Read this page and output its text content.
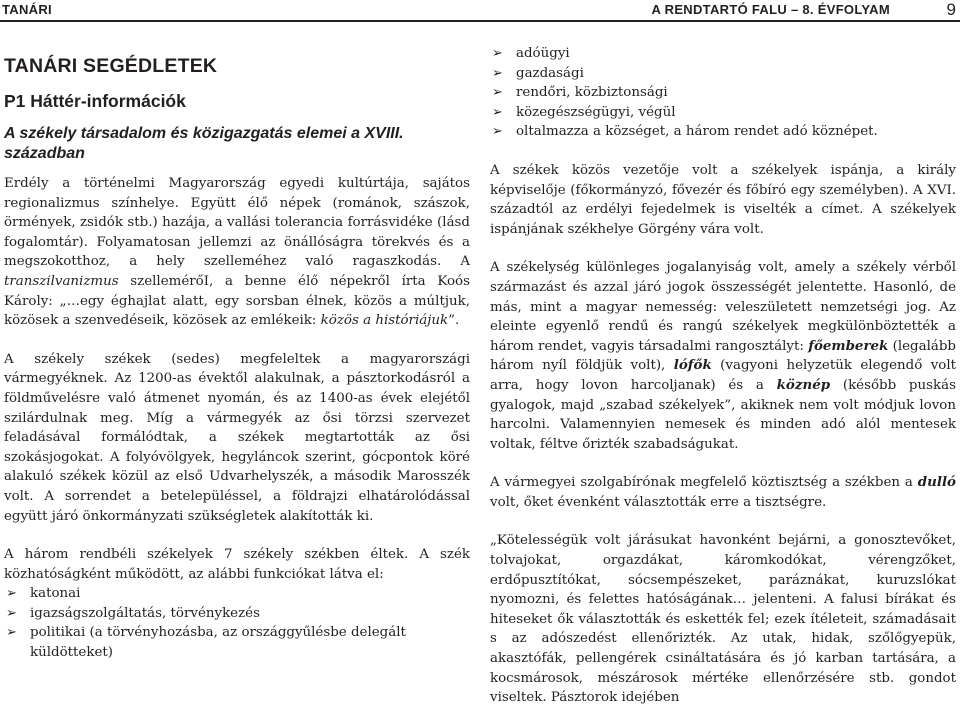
TANÁRI	A RENDTARTÓ FALU – 8. ÉVFOLYAM	9
TANÁRI SEGÉDLETEK
P1 Háttér-információk
A székely társadalom és közigazgatás elemei a XVIII. században

Erdély a történelmi Magyarország egyedi kultúrtája, sajátos regionalizmus színhelye. Együtt élő népek (románok, szászok, örmények, zsidók stb.) hazája, a vallási tolerancia forrásvidéke (lásd fogalomtár). Folyamatosan jellemzi az önállóságra törekvés és a megszokotthoz, a hely szelleméhez való ragaszkodás. A transzilvanizmus szellemérőI, a benne élő népekről írta Koós Károly: „…egy éghajlat alatt, egy sorsban élnek, közös a múltjuk, közösek a szenvedéseik, közösek az emlékeik: közös a históriájuk”.

A székely székek (sedes) megfeleltek a magyarországi vármegyéknek. Az 1200-as évektől alakulnak, a pásztorkodásról a földművelésre való átmenet nyomán, és az 1400-as évek elejétől szilárdulnak meg. Míg a vármegyék az ősi törzsi szervezet feladásával formálódtak, a székek megtartották az ősi szokásjogokat. A folyóvölgyek, hegyláncok szerint, gócpontok köré alakuló székek közül az első Udvarhelyszék, a második Marosszék volt. A sorrendet a betelepüléssel, a földrajzi elhatárolódással együtt járó önkormányzati szükségletek alakították ki.

A három rendbéli székelyek 7 székely székben éltek. A szék közhatóságként működött, az alábbi funkciókat látva el:

➢ katonai
➢ igazságszolgáltatás, törvénykezés
➢ politikai (a törvényhozásba, az országgyűlésbe delegált küldötteket)
➢ adóügyi
➢ gazdasági
➢ rendőri, közbiztonsági
➢ közegészségügyi, végül
➢ oltalmazza a községet, a három rendet adó köznépet.

A székek közös vezetője volt a székelyek ispánja, a király képviselője (főkormányzó, fővezér és főbíró egy személyben). A XVI. századtól az erdélyi fejedelmek is viselték a címet. A székelyek ispánjának székhelye Görgény vára volt.

A székelység különleges jogalanyiság volt, amely a székely vérből származást és azzal járó jogok összességét jelentette. Hasonló, de más, mint a magyar nemesség: veleszületett nemzetségi jog. Az eleinte egyenlő rendű és rangú székelyek megkülönböztették a három rendet, vagyis társadalmi rangosztályt: főemberek (legalább három nyíl földjük volt), lófők (vagyoni helyzetük elegendő volt arra, hogy lovon harcoljanak) és a köznép (később puskás gyalogok, majd „szabad székelyek”, akiknek nem volt módjuk lovon harcolni. Valamennyien nemesek és minden adó alól mentesek voltak, féltve őrizték szabadságukat.

A vármegyei szolgabírónak megfelelő köztisztség a székben a dulló volt, őket évenként választották erre a tisztségre.

„Kötelességük volt járásukat havonként bejárni, a gonosztevőket, tolvajokat, orgazdákat, káromkodókat, vérengzőket, erdőpusztítókat, sócsempészeket, paráznákat, kuruzslókat nyomozni, és felettes hatóságának… jelenteni. A falusi bírákat és hiteseket ők választották és eskették fel; ezek ítéleteit, számadásait s az adószedést ellenőrizték. Az utak, hidak, szőlőgyepük, akasztófák, pellengérek csináltatására és jó karban tartására, a kocsmárosok, mészárosok mértéke ellenőrzésére stb. gondot viseltek. Pásztorok idejében
